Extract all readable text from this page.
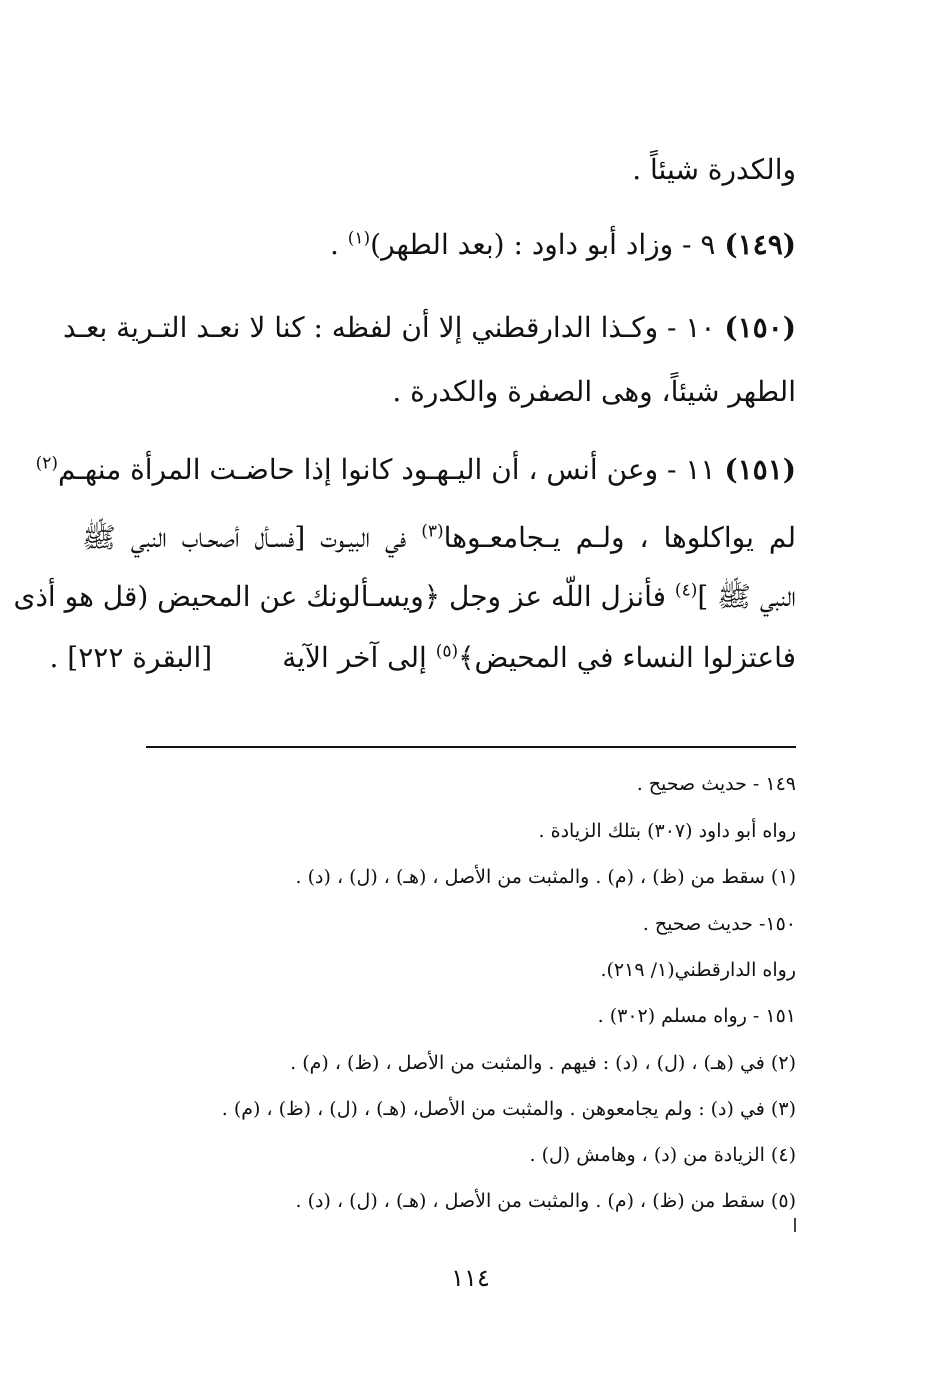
والكدرة شيئاً .
(١٤٩) ٩ - وزاد أبو داود : (بعد الطهر)$^{(١)}$ .
(١٥٠) ١٠ - وكـذا الدارقطني إلا أن لفظه : كنا لا نعـد التـرية بعـد
الطهر شيئاً، وهى الصفرة والكدرة .
(١٥١) ١١ - وعن أنس ، أن اليـهـود كانوا إذا حاضـت المرأة منهـم$^{(٢)}$
لم يواكلوها ، ولـم يـجامعـوها$^{(٣)}$ في البيـوت [فسـأل أصحـاب النبي ﷺ
النبي ﷺ ]$^{(٤)}$ فأنزل اللّه عز وجل ﴿ويسـألونك عن المحيض (قل هو أذى
فاعتزلوا النساء في المحيض﴾$^{(٥)}$ إلى آخر الآية[البقرة ٢٢٢] .
١٤٩ - حديث صحيح .
رواه أبو داود (٣٠٧) بتلك الزيادة .
(١) سقط من (ظ) ، (م) . والمثبت من الأصل ، (هـ) ، (ل) ، (د) .
١٥٠- حديث صحيح .
رواه الدارقطني(١/ ٢١٩).
١٥١ - رواه مسلم (٣٠٢) .
(٢) في (هـ) ، (ل) ، (د) : فيهم . والمثبت من الأصل ، (ظ) ، (م) .
(٣) في (د) : ولم يجامعوهن . والمثبت من الأصل، (هـ) ، (ل) ، (ظ) ، (م) .
(٤) الزيادة من (د) ، وهامش (ل) .
(٥) سقط من (ظ) ، (م) . والمثبت من الأصل ، (هـ) ، (ل) ، (د) .
١١٤
